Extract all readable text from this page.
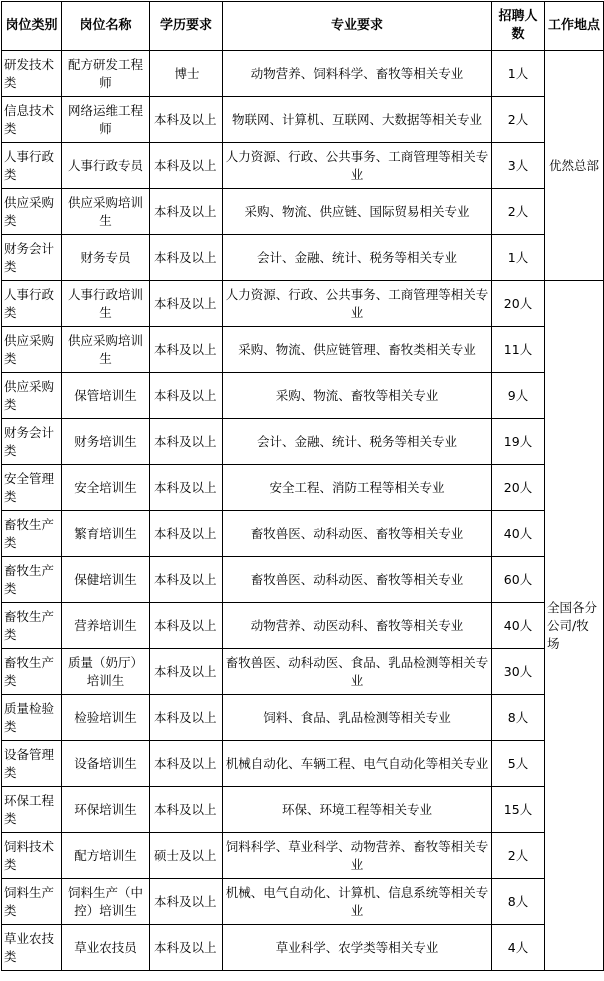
岗位类别	岗位名称	学历要求	专业要求	招聘人数	工作地点
研发技术类	配方研发工程师	博士	动物营养、饲料科学、畜牧等相关专业	1人	优然总部
信息技术类	网络运维工程师	本科及以上	物联网、计算机、互联网、大数据等相关专业	2人	
人事行政类	人事行政专员	本科及以上	人力资源、行政、公共事务、工商管理等相关专业	3人	
供应采购类	供应采购培训生	本科及以上	采购、物流、供应链、国际贸易相关专业	2人	
财务会计类	财务专员	本科及以上	会计、金融、统计、税务等相关专业	1人	
人事行政类	人事行政培训生	本科及以上	人力资源、行政、公共事务、工商管理等相关专业	20人	全国各分公司/牧场
供应采购类	供应采购培训生	本科及以上	采购、物流、供应链管理、畜牧类相关专业	11人	
供应采购类	保管培训生	本科及以上	采购、物流、畜牧等相关专业	9人	
财务会计类	财务培训生	本科及以上	会计、金融、统计、税务等相关专业	19人	
安全管理类	安全培训生	本科及以上	安全工程、消防工程等相关专业	20人	
畜牧生产类	繁育培训生	本科及以上	畜牧兽医、动科动医、畜牧等相关专业	40人	
畜牧生产类	保健培训生	本科及以上	畜牧兽医、动科动医、畜牧等相关专业	60人	
畜牧生产类	营养培训生	本科及以上	动物营养、动医动科、畜牧等相关专业	40人	
畜牧生产类	质量（奶厅）培训生	本科及以上	畜牧兽医、动科动医、食品、乳品检测等相关专业	30人	
质量检验类	检验培训生	本科及以上	饲料、食品、乳品检测等相关专业	8人	
设备管理类	设备培训生	本科及以上	机械自动化、车辆工程、电气自动化等相关专业	5人	
环保工程类	环保培训生	本科及以上	环保、环境工程等相关专业	15人	
饲料技术类	配方培训生	硕士及以上	饲料科学、草业科学、动物营养、畜牧等相关专业	2人	
饲料生产类	饲料生产（中控）培训生	本科及以上	机械、电气自动化、计算机、信息系统等相关专业	8人	
草业农技类	草业农技员	本科及以上	草业科学、农学类等相关专业	4人	
